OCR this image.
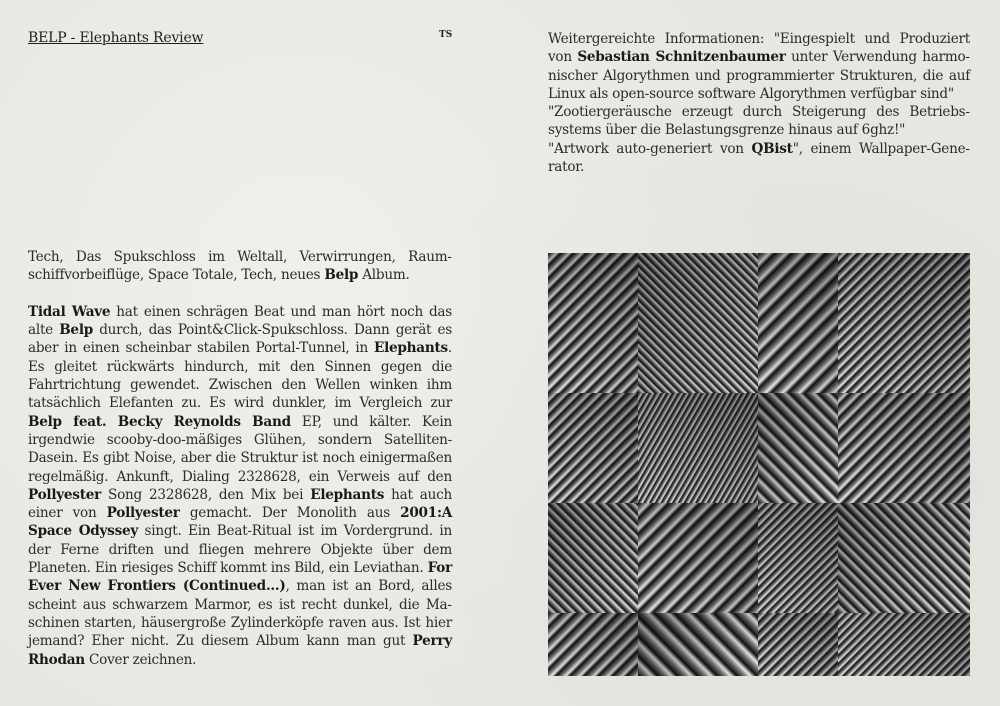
BELP - Elephants Review	TS

Tech, Das Spukschloss im Weltall, Verwirrungen, Raumschiffvorbeiflüge, Space Totale, Tech, neues Belp Album.

Tidal Wave hat einen schrägen Beat und man hört noch das alte Belp durch, das Point&Click-Spukschloss. Dann gerät es aber in einen scheinbar stabilen Portal-Tunnel, in Elephants. Es gleitet rückwärts hindurch, mit den Sinnen gegen die Fahrtrichtung gewendet. Zwischen den Wellen winken ihm tatsächlich Elefanten zu. Es wird dunkler, im Vergleich zur Belp feat. Becky Reynolds Band EP, und kälter. Kein irgendwie scooby-doo-mäßiges Glühen, sondern Satelliten-Dasein. Es gibt Noise, aber die Struktur ist noch einigermaßen regelmäßig. Ankunft, Dialing 2328628, ein Verweis auf den Pollyester Song 2328628, den Mix bei Elephants hat auch einer von Pollyester gemacht. Der Monolith aus 2001:A Space Odyssey singt. Ein Beat-Ritual ist im Vordergrund. in der Ferne driften und fliegen mehrere Objekte über dem Planeten. Ein riesiges Schiff kommt ins Bild, ein Leviathan. For Ever New Frontiers (Continued...), man ist an Bord, alles scheint aus schwarzem Marmor, es ist recht dunkel, die Maschinen starten, häusergroße Zylinderköpfe raven aus. Ist hier jemand? Eher nicht. Zu diesem Album kann man gut Perry Rhodan Cover zeichnen.

Weitergereichte Informationen: "Eingespielt und Produziert von Sebastian Schnitzenbaumer unter Verwendung harmonischer Algorythmen und programmierter Strukturen, die auf Linux als open-source software Algorythmen verfügbar sind"

"Zootiergeräusche erzeugt durch Steigerung des Betriebssystems über die Belastungsgrenze hinaus auf 6ghz!"

"Artwork auto-generiert von QBist", einem Wallpaper-Generator.
